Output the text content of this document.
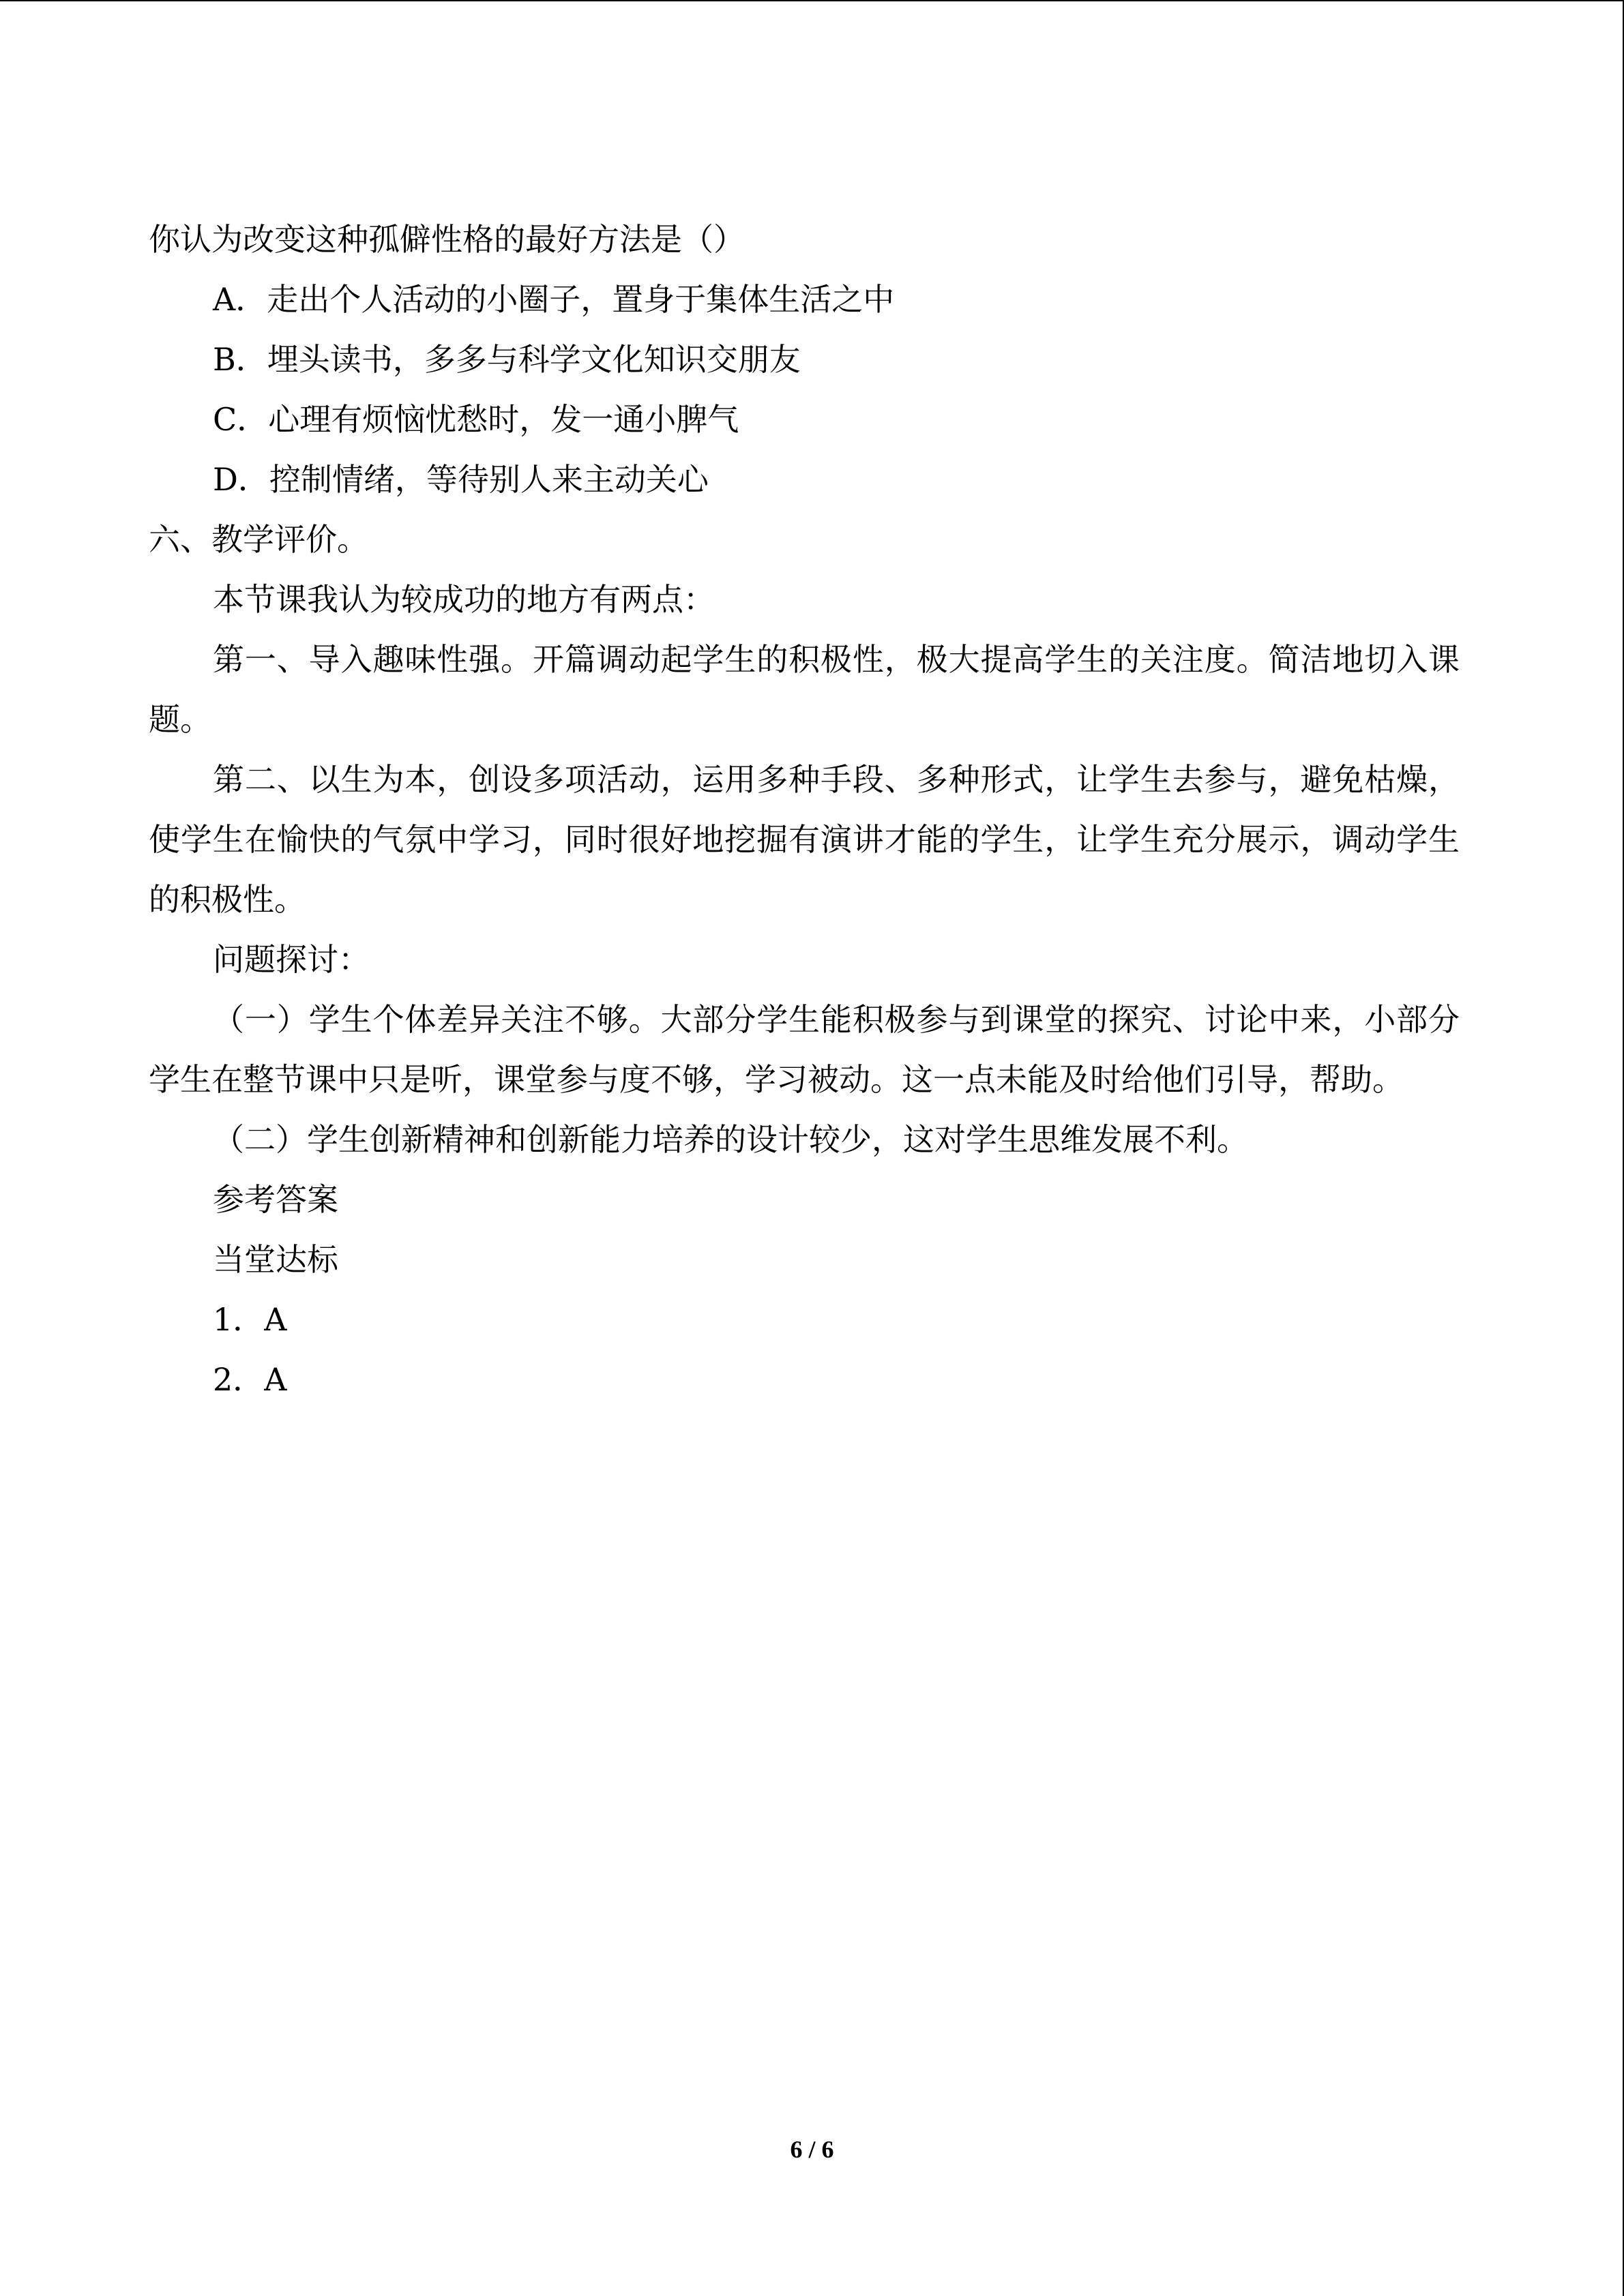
你认为改变这种孤僻性格的最好方法是（）

A．走出个人活动的小圈子，置身于集体生活之中

B．埋头读书，多多与科学文化知识交朋友

C．心理有烦恼忧愁时，发一通小脾气

D．控制情绪，等待别人来主动关心

六、教学评价。

本节课我认为较成功的地方有两点：

第一、导入趣味性强。开篇调动起学生的积极性，极大提高学生的关注度。简洁地切入课题。

第二、以生为本，创设多项活动，运用多种手段、多种形式，让学生去参与，避免枯燥，使学生在愉快的气氛中学习，同时很好地挖掘有演讲才能的学生，让学生充分展示，调动学生的积极性。

问题探讨：

（一）学生个体差异关注不够。大部分学生能积极参与到课堂的探究、讨论中来，小部分学生在整节课中只是听，课堂参与度不够，学习被动。这一点未能及时给他们引导，帮助。

（二）学生创新精神和创新能力培养的设计较少，这对学生思维发展不利。

参考答案

当堂达标

1．A

2．A

6 / 6
